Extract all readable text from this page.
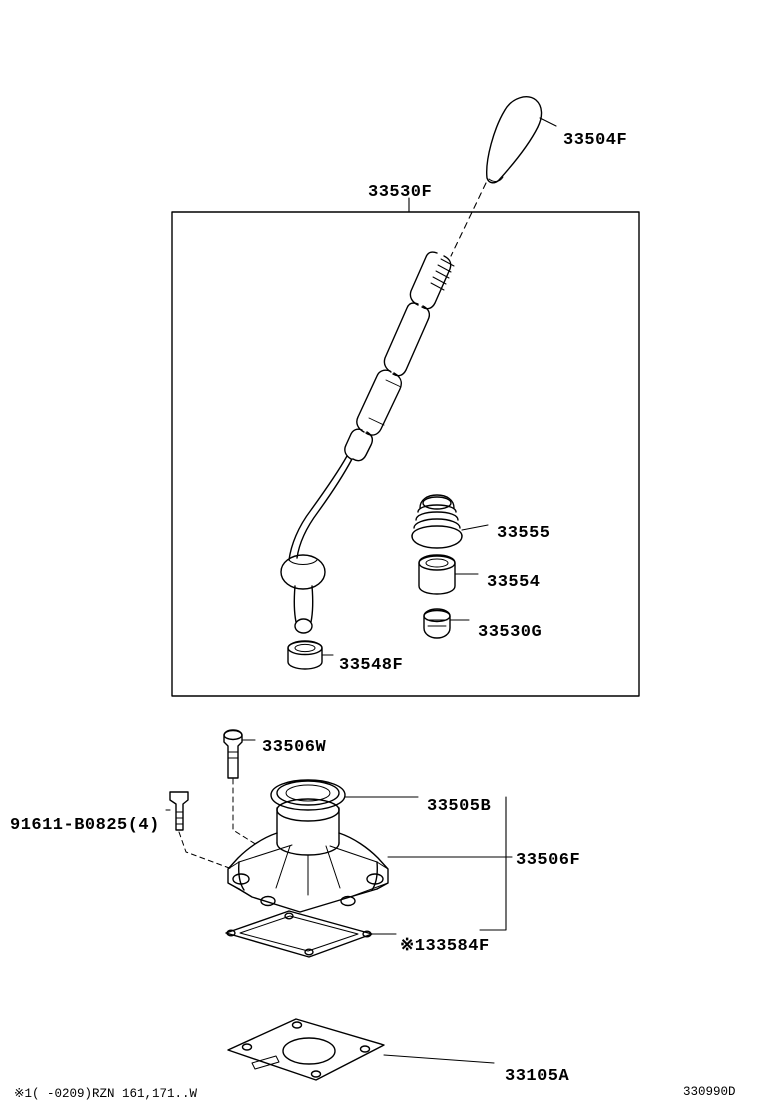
33504F
33530F
33555
33554
33530G
33548F
33506W
91611-B0825(4)
33505B
33506F
※133584F
33105A
※1( -0209)RZN 161,171..W	330990D
